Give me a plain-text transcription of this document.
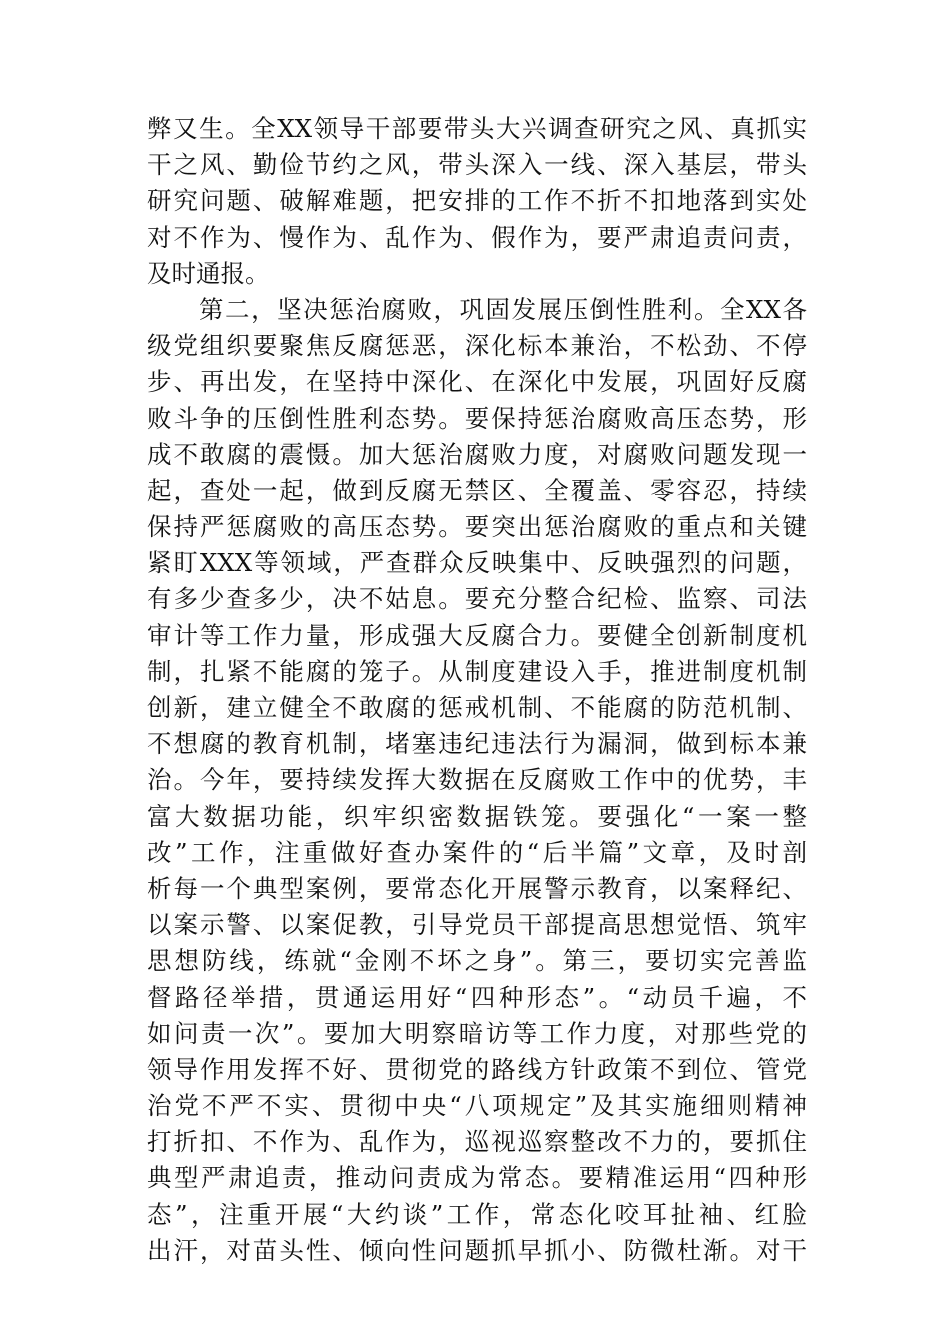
弊又生。全XX领导干部要带头大兴调查研究之风、真抓实
干之风、勤俭节约之风，带头深入一线、深入基层，带头
研究问题、破解难题，把安排的工作不折不扣地落到实处
对不作为、慢作为、乱作为、假作为，要严肃追责问责，
及时通报。
第二，坚决惩治腐败，巩固发展压倒性胜利。全XX各
级党组织要聚焦反腐惩恶，深化标本兼治，不松劲、不停
步、再出发，在坚持中深化、在深化中发展，巩固好反腐
败斗争的压倒性胜利态势。要保持惩治腐败高压态势，形
成不敢腐的震慑。加大惩治腐败力度，对腐败问题发现一
起，查处一起，做到反腐无禁区、全覆盖、零容忍，持续
保持严惩腐败的高压态势。要突出惩治腐败的重点和关键
紧盯XXX等领域，严查群众反映集中、反映强烈的问题，
有多少查多少，决不姑息。要充分整合纪检、监察、司法
审计等工作力量，形成强大反腐合力。要健全创新制度机
制，扎紧不能腐的笼子。从制度建设入手，推进制度机制
创新，建立健全不敢腐的惩戒机制、不能腐的防范机制、
不想腐的教育机制，堵塞违纪违法行为漏洞，做到标本兼
治。今年，要持续发挥大数据在反腐败工作中的优势，丰
富大数据功能，织牢织密数据铁笼。要强化“一案一整
改”工作，注重做好查办案件的“后半篇”文章，及时剖
析每一个典型案例，要常态化开展警示教育，以案释纪、
以案示警、以案促教，引导党员干部提高思想觉悟、筑牢
思想防线，练就“金刚不坏之身”。第三，要切实完善监
督路径举措，贯通运用好“四种形态”。“动员千遍，不
如问责一次”。要加大明察暗访等工作力度，对那些党的
领导作用发挥不好、贯彻党的路线方针政策不到位、管党
治党不严不实、贯彻中央“八项规定”及其实施细则精神
打折扣、不作为、乱作为，巡视巡察整改不力的，要抓住
典型严肃追责，推动问责成为常态。要精准运用“四种形
态”，注重开展“大约谈”工作，常态化咬耳扯袖、红脸
出汗，对苗头性、倾向性问题抓早抓小、防微杜渐。对干
